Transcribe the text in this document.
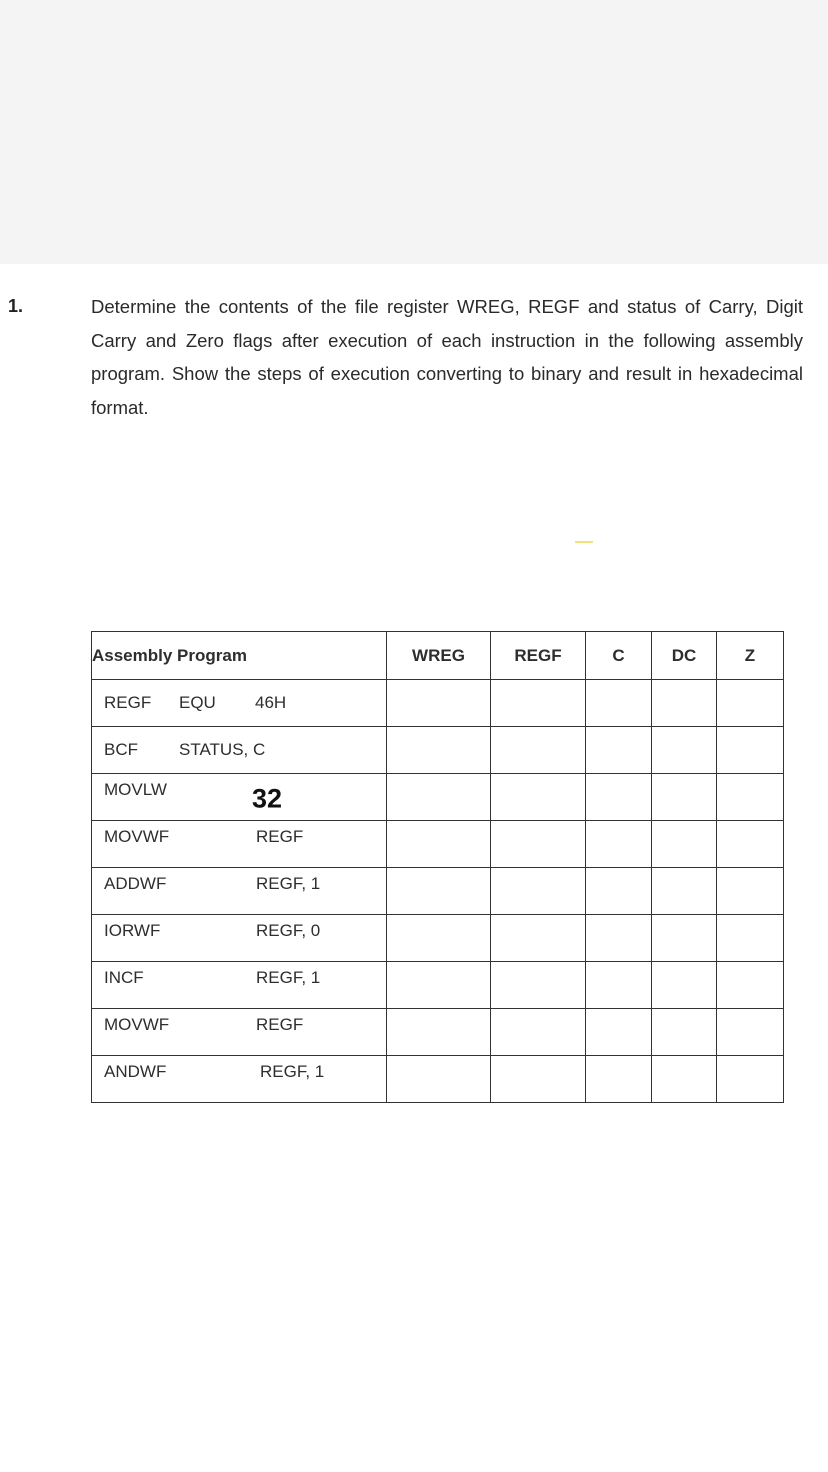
1.	Determine the contents of the file register WREG, REGF and status of Carry, Digit Carry and Zero flags after execution of each instruction in the following assembly program. Show the steps of execution converting to binary and result in hexadecimal format.
Assembly Program	WREG	REGF	C	DC	Z

REGF EQU 46H					

BCF STATUS, C					

MOVLW 32					

MOVWF REGF					

ADDWF REGF, 1					

IORWF REGF, 0					

INCF REGF, 1					

MOVWF REGF					

ANDWF REGF, 1					
